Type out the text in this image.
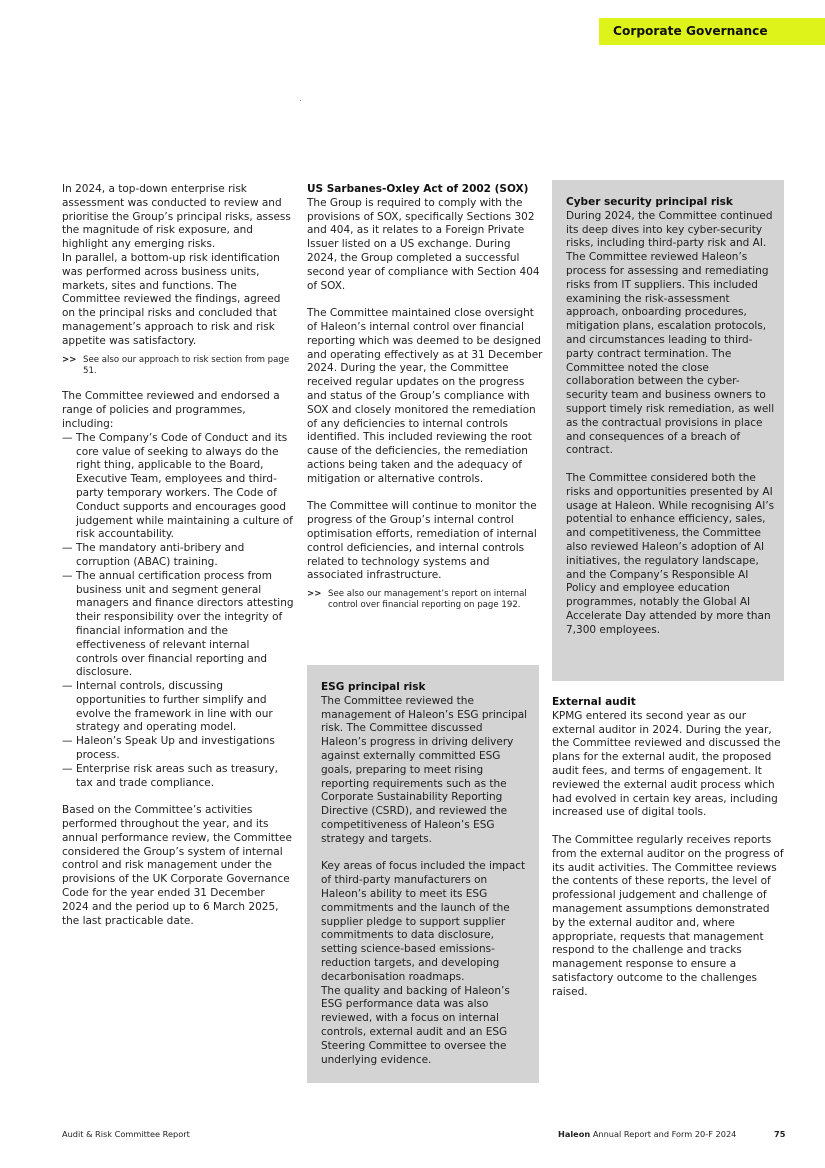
Corporate Governance

In 2024, a top-down enterprise risk assessment was conducted to review and prioritise the Group’s principal risks, assess the magnitude of risk exposure, and highlight any emerging risks.

In parallel, a bottom-up risk identification was performed across business units, markets, sites and functions. The Committee reviewed the findings, agreed on the principal risks and concluded that management’s approach to risk and risk appetite was satisfactory.

>> See also our approach to risk section from page 51.

The Committee reviewed and endorsed a range of policies and programmes, including:

— The Company’s Code of Conduct and its core value of seeking to always do the right thing, applicable to the Board, Executive Team, employees and third-party temporary workers. The Code of Conduct supports and encourages good judgement while maintaining a culture of risk accountability.
— The mandatory anti-bribery and corruption (ABAC) training.
— The annual certification process from business unit and segment general managers and finance directors attesting their responsibility over the integrity of financial information and the effectiveness of relevant internal controls over financial reporting and disclosure.
— Internal controls, discussing opportunities to further simplify and evolve the framework in line with our strategy and operating model.
— Haleon’s Speak Up and investigations process.
— Enterprise risk areas such as treasury, tax and trade compliance.

Based on the Committee’s activities performed throughout the year, and its annual performance review, the Committee considered the Group’s system of internal control and risk management under the provisions of the UK Corporate Governance Code for the year ended 31 December 2024 and the period up to 6 March 2025, the last practicable date.

US Sarbanes-Oxley Act of 2002 (SOX)

The Group is required to comply with the provisions of SOX, specifically Sections 302 and 404, as it relates to a Foreign Private Issuer listed on a US exchange. During 2024, the Group completed a successful second year of compliance with Section 404 of SOX.

The Committee maintained close oversight of Haleon’s internal control over financial reporting which was deemed to be designed and operating effectively as at 31 December 2024. During the year, the Committee received regular updates on the progress and status of the Group’s compliance with SOX and closely monitored the remediation of any deficiencies to internal controls identified. This included reviewing the root cause of the deficiencies, the remediation actions being taken and the adequacy of mitigation or alternative controls.

The Committee will continue to monitor the progress of the Group’s internal control optimisation efforts, remediation of internal control deficiencies, and internal controls related to technology systems and associated infrastructure.

>> See also our management’s report on internal control over financial reporting on page 192.

ESG principal risk

The Committee reviewed the management of Haleon’s ESG principal risk. The Committee discussed Haleon’s progress in driving delivery against externally committed ESG goals, preparing to meet rising reporting requirements such as the Corporate Sustainability Reporting Directive (CSRD), and reviewed the competitiveness of Haleon’s ESG strategy and targets.

Key areas of focus included the impact of third-party manufacturers on Haleon’s ability to meet its ESG commitments and the launch of the supplier pledge to support supplier commitments to data disclosure, setting science-based emissions-reduction targets, and developing decarbonisation roadmaps.

The quality and backing of Haleon’s ESG performance data was also reviewed, with a focus on internal controls, external audit and an ESG Steering Committee to oversee the underlying evidence.

Cyber security principal risk

During 2024, the Committee continued its deep dives into key cyber-security risks, including third-party risk and AI. The Committee reviewed Haleon’s process for assessing and remediating risks from IT suppliers. This included examining the risk-assessment approach, onboarding procedures, mitigation plans, escalation protocols, and circumstances leading to third-party contract termination. The Committee noted the close collaboration between the cyber-security team and business owners to support timely risk remediation, as well as the contractual provisions in place and consequences of a breach of contract.

The Committee considered both the risks and opportunities presented by AI usage at Haleon. While recognising AI’s potential to enhance efficiency, sales, and competitiveness, the Committee also reviewed Haleon’s adoption of AI initiatives, the regulatory landscape, and the Company’s Responsible AI Policy and employee education programmes, notably the Global AI Accelerate Day attended by more than 7,300 employees.

External audit

KPMG entered its second year as our external auditor in 2024. During the year, the Committee reviewed and discussed the plans for the external audit, the proposed audit fees, and terms of engagement. It reviewed the external audit process which had evolved in certain key areas, including increased use of digital tools.

The Committee regularly receives reports from the external auditor on the progress of its audit activities. The Committee reviews the contents of these reports, the level of professional judgement and challenge of management assumptions demonstrated by the external auditor and, where appropriate, requests that management respond to the challenge and tracks management response to ensure a satisfactory outcome to the challenges raised.

Audit & Risk Committee Report	Haleon Annual Report and Form 20-F 2024	75
